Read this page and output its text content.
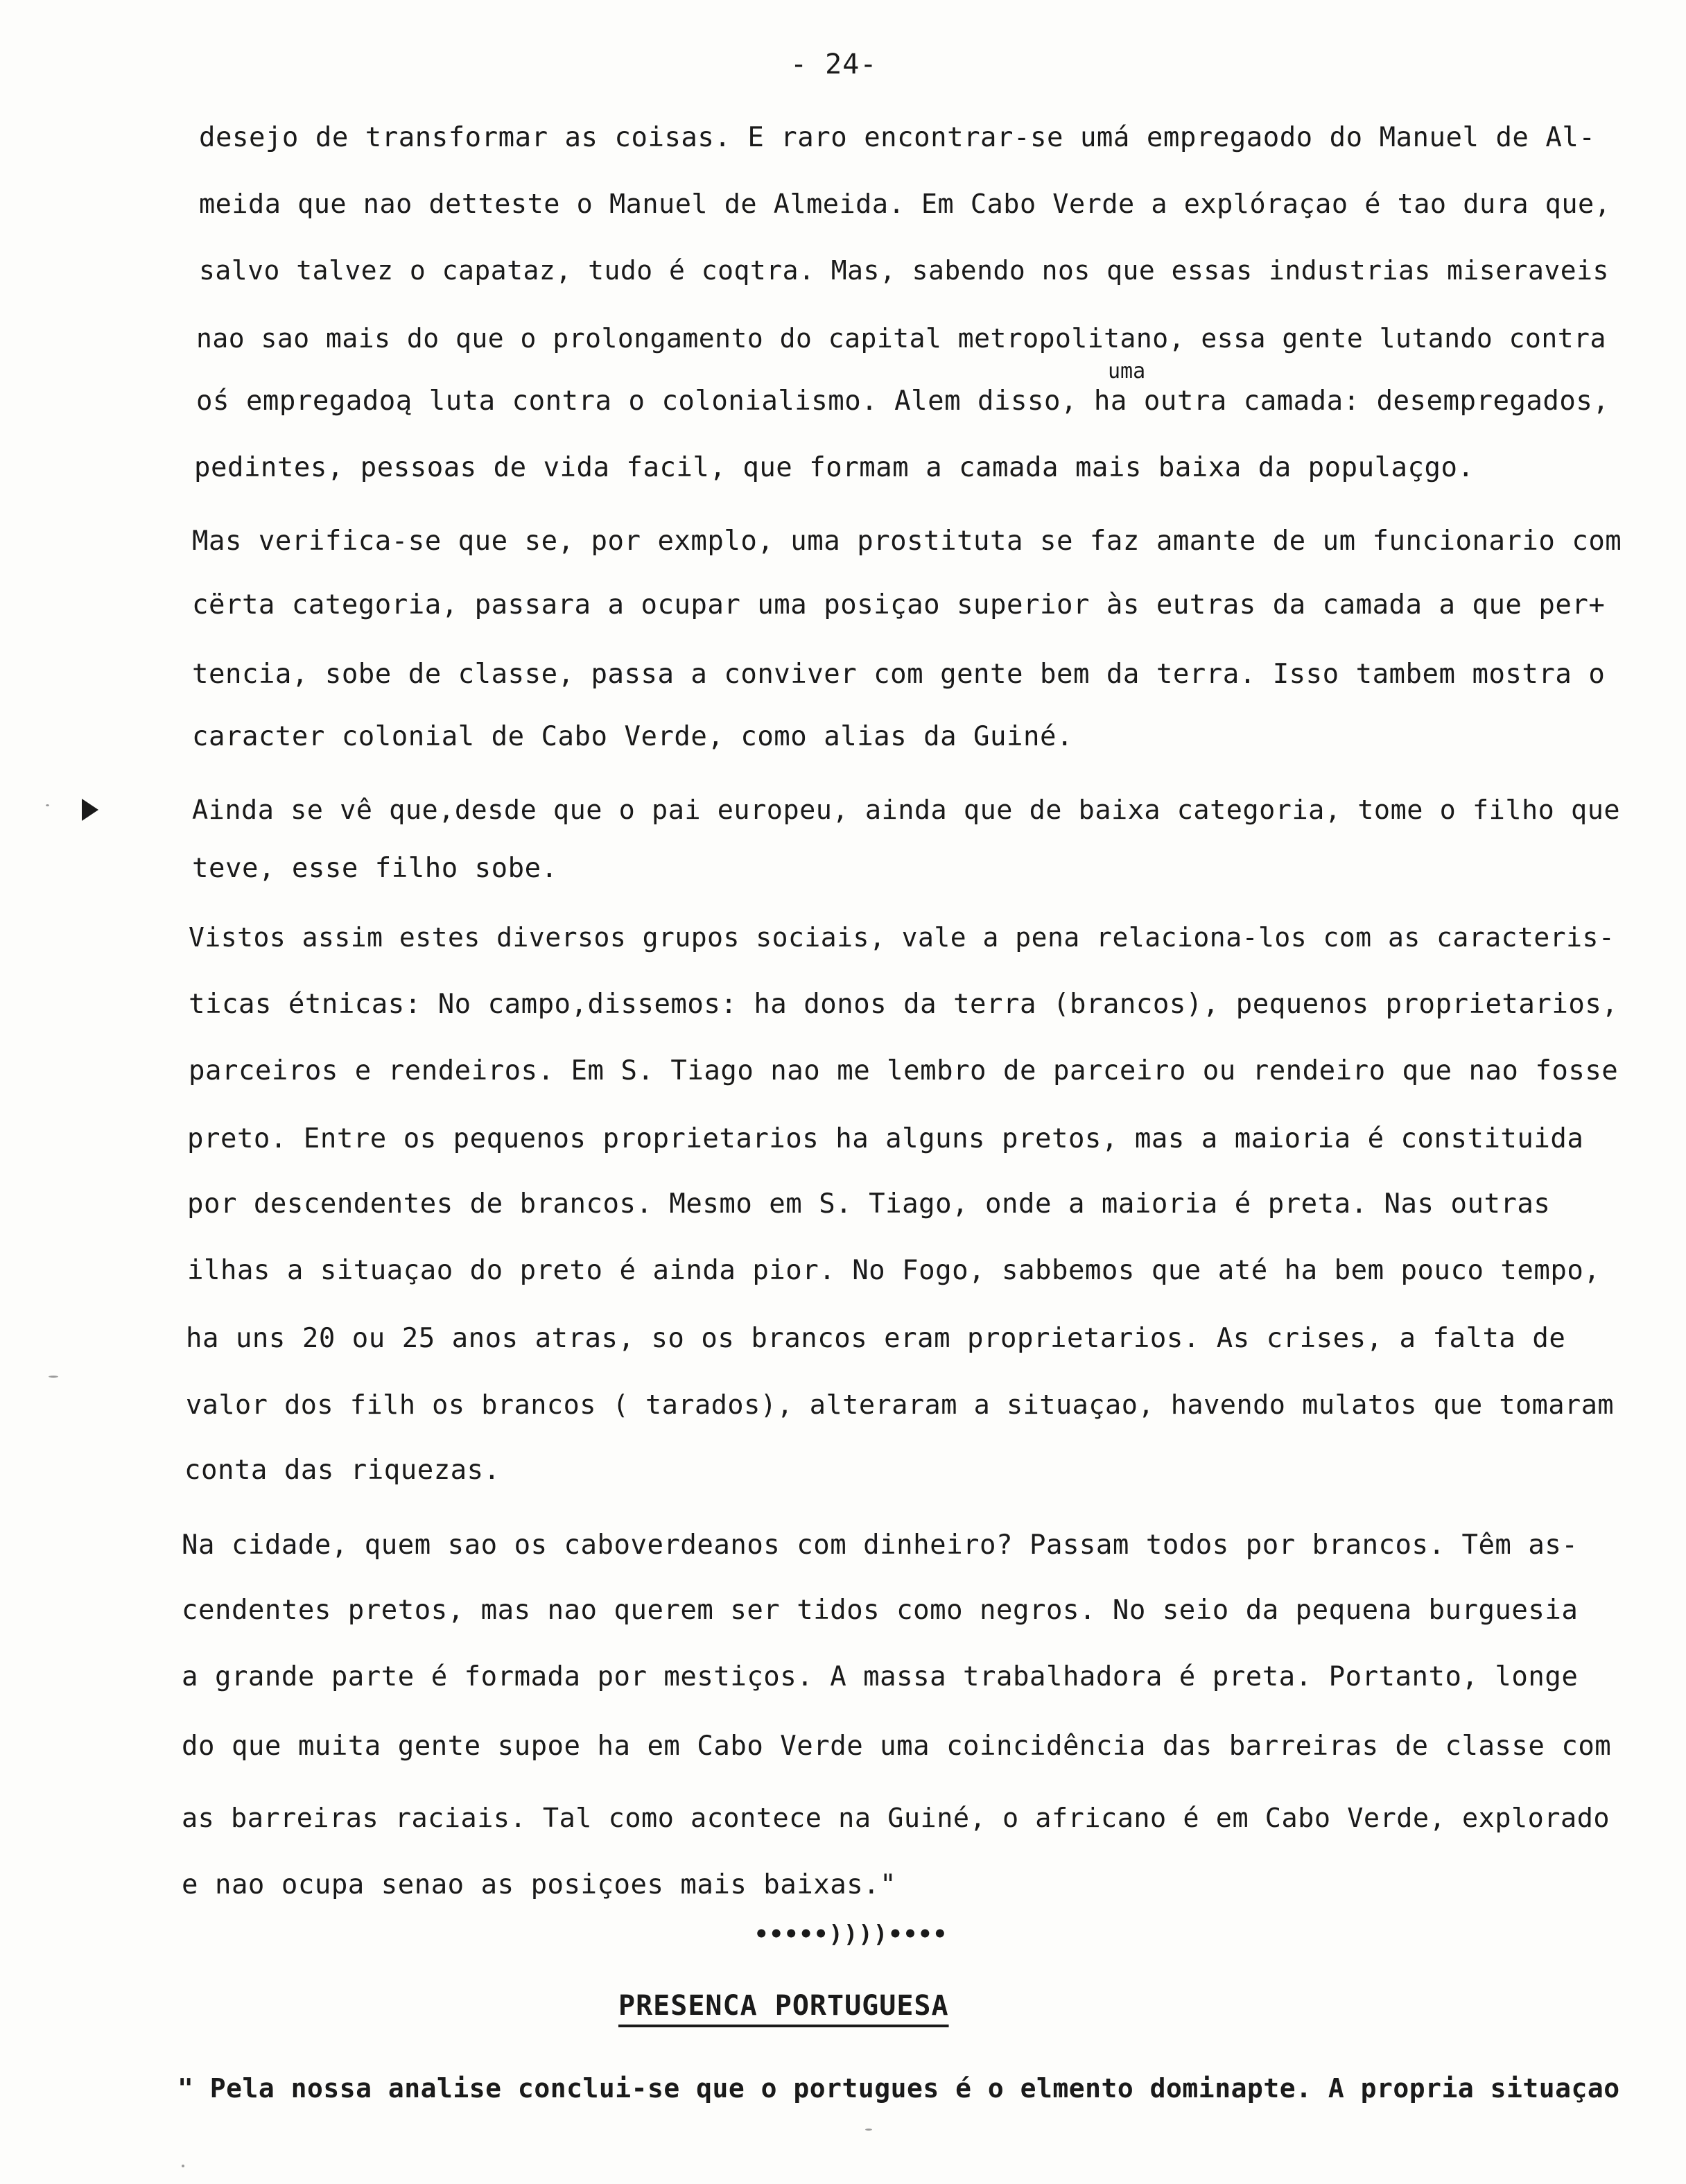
- 24-
desejo de transformar as coisas. E raro encontrar-se umá empregaodo do Manuel de Al-
meida que nao detteste o Manuel de Almeida. Em Cabo Verde a explóraçao é tao dura que,
salvo talvez o capataz, tudo é coqtra. Mas, sabendo nos que essas industrias miseraveis
nao sao mais do que o prolongamento do capital metropolitano, essa gente lutando contra
uma
oś empregadoą luta contra o colonialismo. Alem disso, ha outra camada: desempregados,
pedintes, pessoas de vida facil, que formam a camada mais baixa da populaçgo.
Mas verifica-se que se, por exmplo, uma prostituta se faz amante de um funcionario com
cërta categoria, passara a ocupar uma posiçao superior às eutras da camada a que per+
tencia, sobe de classe, passa a conviver com gente bem da terra. Isso tambem mostra o
caracter colonial de Cabo Verde, como alias da Guiné.
Ainda se vê que,desde que o pai europeu, ainda que de baixa categoria, tome o filho que
teve, esse filho sobe.
Vistos assim estes diversos grupos sociais, vale a pena relaciona-los com as caracteris-
ticas étnicas: No campo,dissemos: ha donos da terra (brancos), pequenos proprietarios,
parceiros e rendeiros. Em S. Tiago nao me lembro de parceiro ou rendeiro que nao fosse
preto. Entre os pequenos proprietarios ha alguns pretos, mas a maioria é constituida
por descendentes de brancos. Mesmo em S. Tiago, onde a maioria é preta. Nas outras
ilhas a situaçao do preto é ainda pior. No Fogo, sabbemos que até ha bem pouco tempo,
ha uns 20 ou 25 anos atras, so os brancos eram proprietarios. As crises, a falta de
valor dos filh os brancos ( tarados), alteraram a situaçao, havendo mulatos que tomaram
conta das riquezas.
Na cidade, quem sao os caboverdeanos com dinheiro? Passam todos por brancos. Têm as-
cendentes pretos, mas nao querem ser tidos como negros. No seio da pequena burguesia
a grande parte é formada por mestiços. A massa trabalhadora é preta. Portanto, longe
do que muita gente supoe ha em Cabo Verde uma coincidência das barreiras de classe com
as barreiras raciais. Tal como acontece na Guiné, o africano é em Cabo Verde, explorado
e nao ocupa senao as posiçoes mais baixas."
•••••))))••••
PRESENCA PORTUGUESA
" Pela nossa analise conclui-se que o portugues é o elmento dominapte. A propria situaçao
